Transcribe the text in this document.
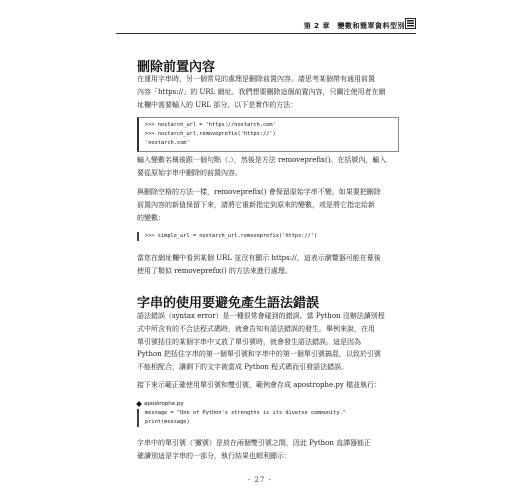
第 2 章　變數和簡單資料型別
刪除前置內容

在運用字串時，另一個常見的處理是刪除前置內容。請思考某個帶有通用前置
內容「https://」的 URL 網址。我們想要刪除這個前置內容，只關注使用者在網
址欄中需要輸入的 URL 部分。以下是實作的方法：

>>> nostarch_url = 'https://nostarch.com'
>>> nostarch_url.removeprefix('https://')
'nostarch.com'

輸入變數名稱後跟一個句點（.），然後是方法 removeprefix()。在括號內，輸入
要從原始字串中刪除的前置內容。

與刪除空格的方法一樣，removeprefix() 會保留原始字串不變。如果要把刪除
前置內容的新值保留下來，請將它重新指定到原來的變數，或是將它指定給新
的變數：

>>> simple_url = nostarch_url.removeprefix('https://')

當您在網址欄中看到某個 URL 並沒有顯示 https://，這表示瀏覽器可能在幕後
使用了類似 removeprefix() 的方法來進行處理。

字串的使用要避免產生語法錯誤

語法錯誤（syntax error）是一種很常會碰到的錯誤。當 Python 沒辦法讀別程
式中所含有的不合法程式碼時，就會告知有語法錯誤的發生。舉例來說，在用
單引號括住的某個字串中又放了單引號時，就會發生語法錯誤。這是因為
Python 把括住字串的第一個單引號和字串中的第一個單引號搞混，以致於引號
不能相配合，讓剩下的文字被當成 Python 程式碼而引發語法錯誤。

接下來示範正確使用單引號和雙引號，範例會存成 apostrophe.py 檔並執行：

apostrophe.py
message = "One of Python's strengths is its diverse community."
print(message)

字串中的單引號（'撇號）是放在兩個雙引號之間，因此 Python 直譯器能正
確讀別這是字串的一部分，執行結果也順利顯示：

- 27 -
